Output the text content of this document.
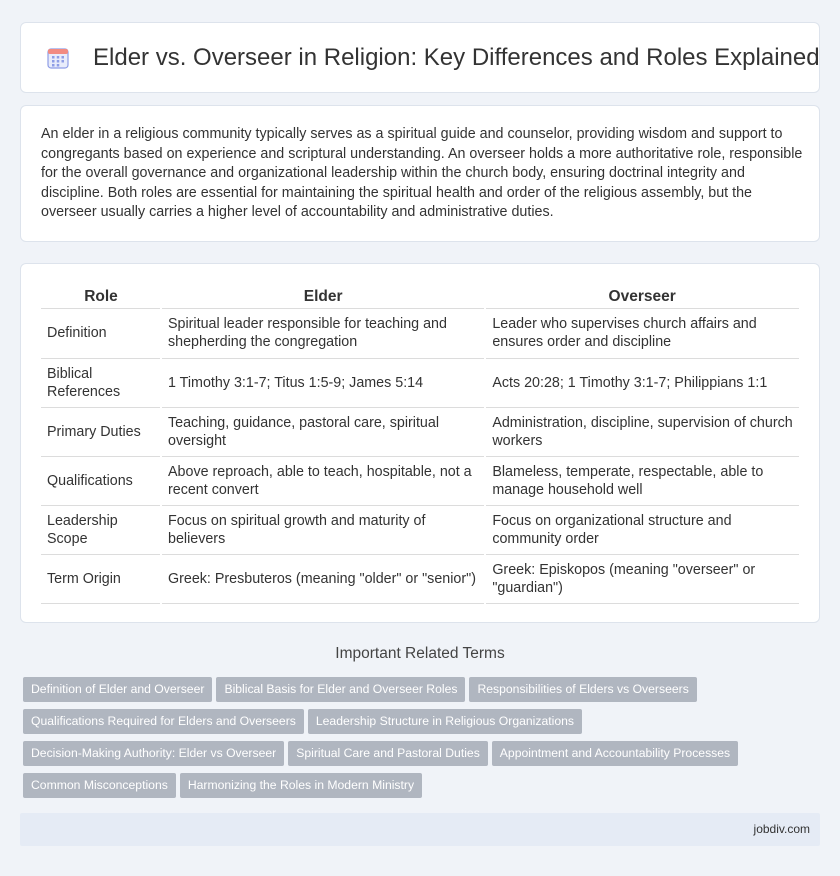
Elder vs. Overseer in Religion: Key Differences and Roles Explained

An elder in a religious community typically serves as a spiritual guide and counselor, providing wisdom and support to congregants based on experience and scriptural understanding. An overseer holds a more authoritative role, responsible for the overall governance and organizational leadership within the church body, ensuring doctrinal integrity and discipline. Both roles are essential for maintaining the spiritual health and order of the religious assembly, but the overseer usually carries a higher level of accountability and administrative duties.

Role	Elder	Overseer
Definition	Spiritual leader responsible for teaching and shepherding the congregation	Leader who supervises church affairs and ensures order and discipline
Biblical References	1 Timothy 3:1-7; Titus 1:5-9; James 5:14	Acts 20:28; 1 Timothy 3:1-7; Philippians 1:1
Primary Duties	Teaching, guidance, pastoral care, spiritual oversight	Administration, discipline, supervision of church workers
Qualifications	Above reproach, able to teach, hospitable, not a recent convert	Blameless, temperate, respectable, able to manage household well
Leadership Scope	Focus on spiritual growth and maturity of believers	Focus on organizational structure and community order
Term Origin	Greek: Presbuteros (meaning "older" or "senior")	Greek: Episkopos (meaning "overseer" or "guardian")
Important Related Terms
Definition of Elder and Overseer Biblical Basis for Elder and Overseer Roles Responsibilities of Elders vs Overseers
Qualifications Required for Elders and Overseers Leadership Structure in Religious Organizations
Decision-Making Authority: Elder vs Overseer Spiritual Care and Pastoral Duties Appointment and Accountability Processes
Common Misconceptions Harmonizing the Roles in Modern Ministry
jobdiv.com
